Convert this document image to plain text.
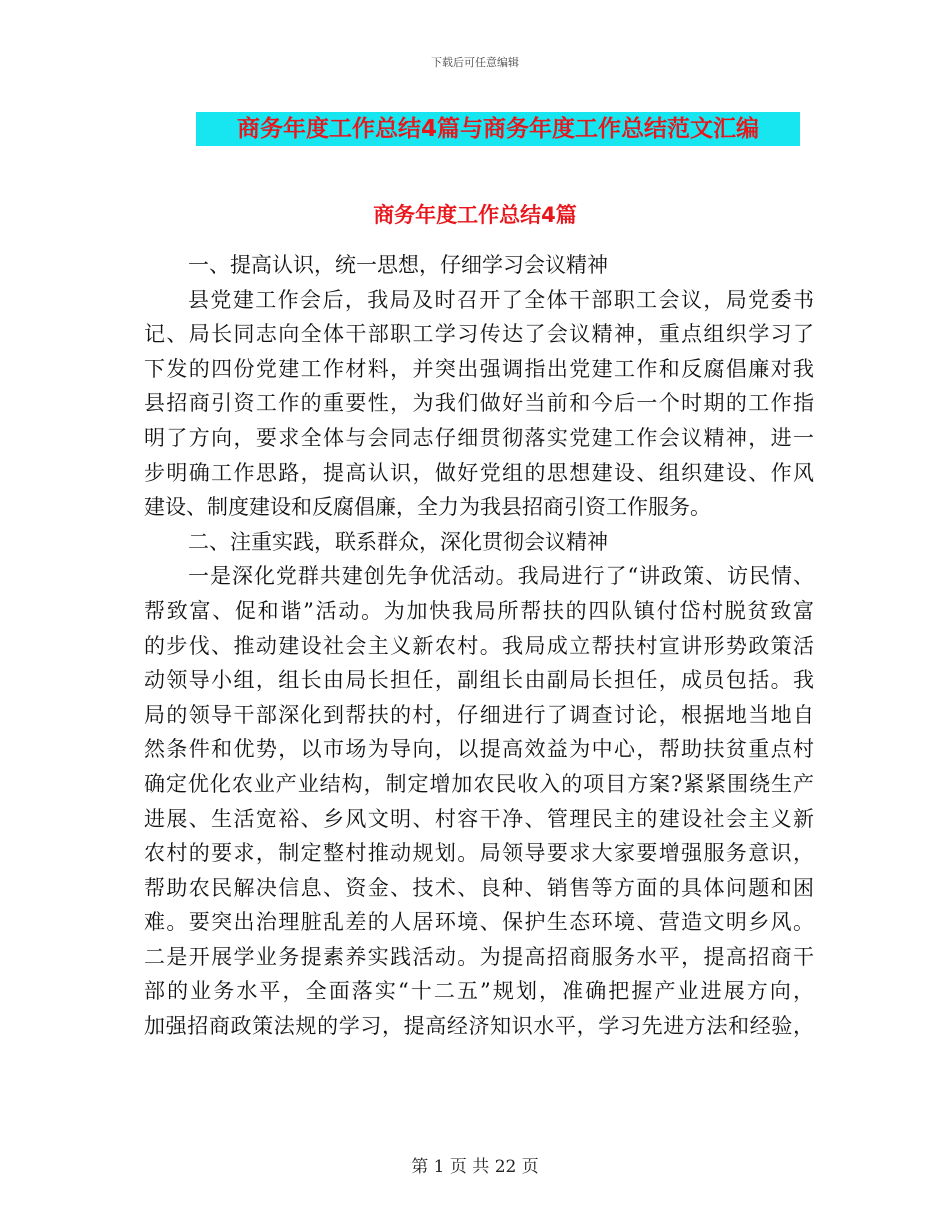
下载后可任意编辑
商务年度工作总结4篇与商务年度工作总结范文汇编
商务年度工作总结4篇
一、提高认识，统一思想，仔细学习会议精神
县党建工作会后，我局及时召开了全体干部职工会议，局党委书
记、局长同志向全体干部职工学习传达了会议精神，重点组织学习了
下发的四份党建工作材料，并突出强调指出党建工作和反腐倡廉对我
县招商引资工作的重要性，为我们做好当前和今后一个时期的工作指
明了方向，要求全体与会同志仔细贯彻落实党建工作会议精神，进一
步明确工作思路，提高认识，做好党组的思想建设、组织建设、作风
建设、制度建设和反腐倡廉，全力为我县招商引资工作服务。
二、注重实践，联系群众，深化贯彻会议精神
一是深化党群共建创先争优活动。我局进行了“讲政策、访民情、
帮致富、促和谐”活动。为加快我局所帮扶的四队镇付岱村脱贫致富
的步伐、推动建设社会主义新农村。我局成立帮扶村宣讲形势政策活
动领导小组，组长由局长担任，副组长由副局长担任，成员包括。我
局的领导干部深化到帮扶的村，仔细进行了调查讨论，根据地当地自
然条件和优势，以市场为导向，以提高效益为中心，帮助扶贫重点村
确定优化农业产业结构，制定增加农民收入的项目方案?紧紧围绕生产
进展、生活宽裕、乡风文明、村容干净、管理民主的建设社会主义新
农村的要求，制定整村推动规划。局领导要求大家要增强服务意识，
帮助农民解决信息、资金、技术、良种、销售等方面的具体问题和困
难。要突出治理脏乱差的人居环境、保护生态环境、营造文明乡风。
二是开展学业务提素养实践活动。为提高招商服务水平，提高招商干
部的业务水平，全面落实“十二五”规划，准确把握产业进展方向，
加强招商政策法规的学习，提高经济知识水平，学习先进方法和经验，
第 1 页 共 22 页
